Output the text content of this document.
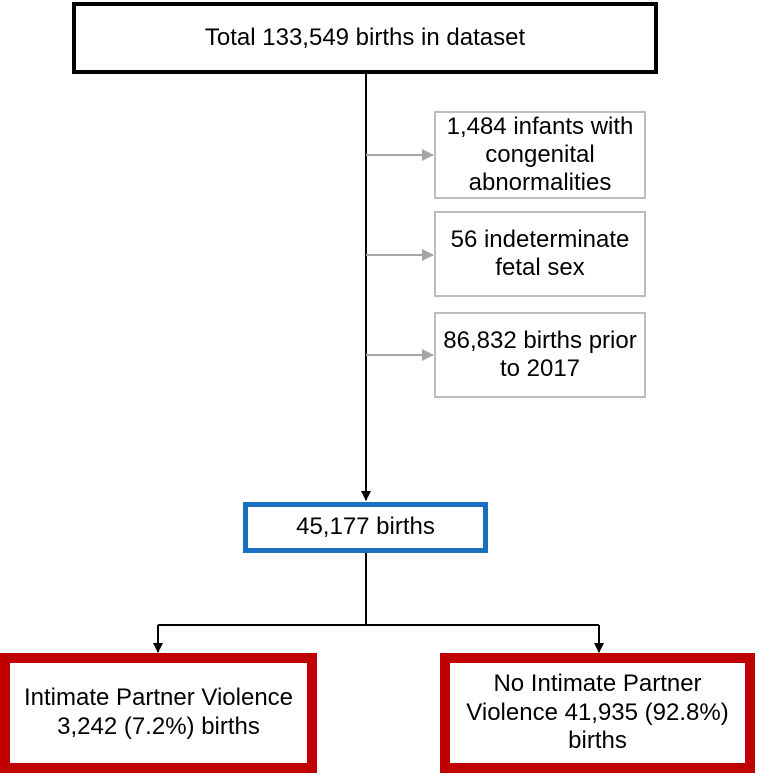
Total 133,549 births in dataset
1,484 infants with congenital abnormalities
56 indeterminate fetal sex
86,832 births prior to 2017
45,177 births
Intimate Partner Violence 3,242 (7.2%) births
No Intimate Partner Violence 41,935 (92.8%) births
